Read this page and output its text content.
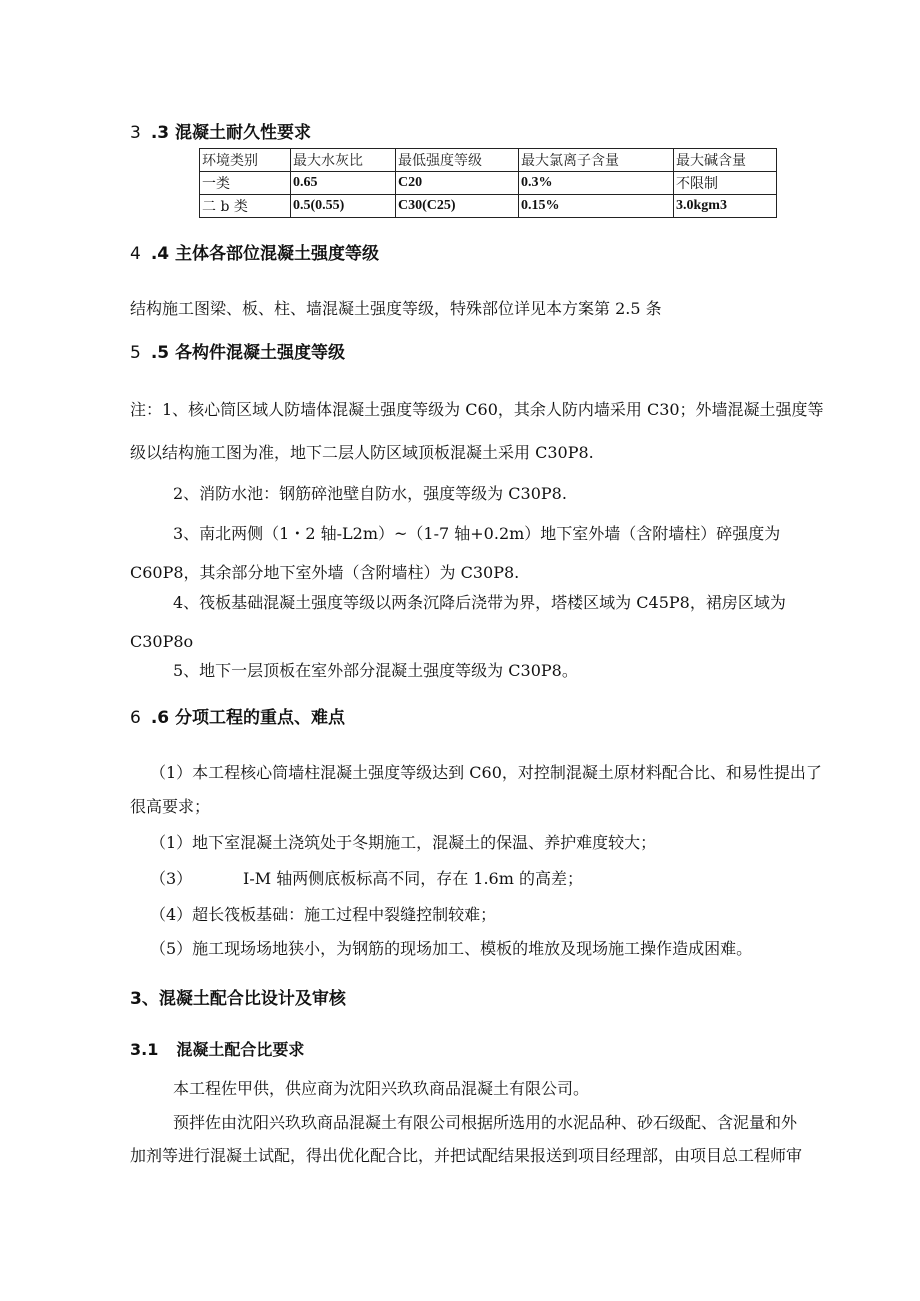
3 .3 混凝土耐久性要求
环境类别	最大水灰比	最低强度等级	最大氯离子含量	最大碱含量
一类	0.65	C20	0.3%	不限制
二 b 类	0.5(0.55)	C30(C25)	0.15%	3.0kgm3
4 .4 主体各部位混凝土强度等级
结构施工图梁、板、柱、墙混凝土强度等级，特殊部位详见本方案第 2.5 条
5 .5 各构件混凝土强度等级
注：1、核心筒区域人防墙体混凝土强度等级为 C60，其余人防内墙采用 C30；外墙混凝土强度等
级以结构施工图为准，地下二层人防区域顶板混凝土采用 C30P8.
2、消防水池：钢筋碎池壁自防水，强度等级为 C30P8.
3、南北两侧（1・2 轴-L2m）~（1-7 轴+0.2m）地下室外墙（含附墙柱）碎强度为
C60P8，其余部分地下室外墙（含附墙柱）为 C30P8.
4、筏板基础混凝土强度等级以两条沉降后浇带为界，塔楼区域为 C45P8，裙房区域为
C30P8o
5、地下一层顶板在室外部分混凝土强度等级为 C30P8。
6 .6 分项工程的重点、难点
（1）本工程核心筒墙柱混凝土强度等级达到 C60，对控制混凝土原材料配合比、和易性提出了
很高要求；
（1）地下室混凝土浇筑处于冬期施工，混凝土的保温、养护难度较大；
（3）	I-M 轴两侧底板标高不同，存在 1.6m 的高差；
（4）超长筏板基础：施工过程中裂缝控制较难；
（5）施工现场场地狭小，为钢筋的现场加工、模板的堆放及现场施工操作造成困难。
3、混凝土配合比设计及审核
3.1 混凝土配合比要求
本工程佐甲供，供应商为沈阳兴玖玖商品混凝土有限公司。
预拌佐由沈阳兴玖玖商品混凝土有限公司根据所选用的水泥品种、砂石级配、含泥量和外
加剂等进行混凝土试配，得出优化配合比，并把试配结果报送到项目经理部，由项目总工程师审
